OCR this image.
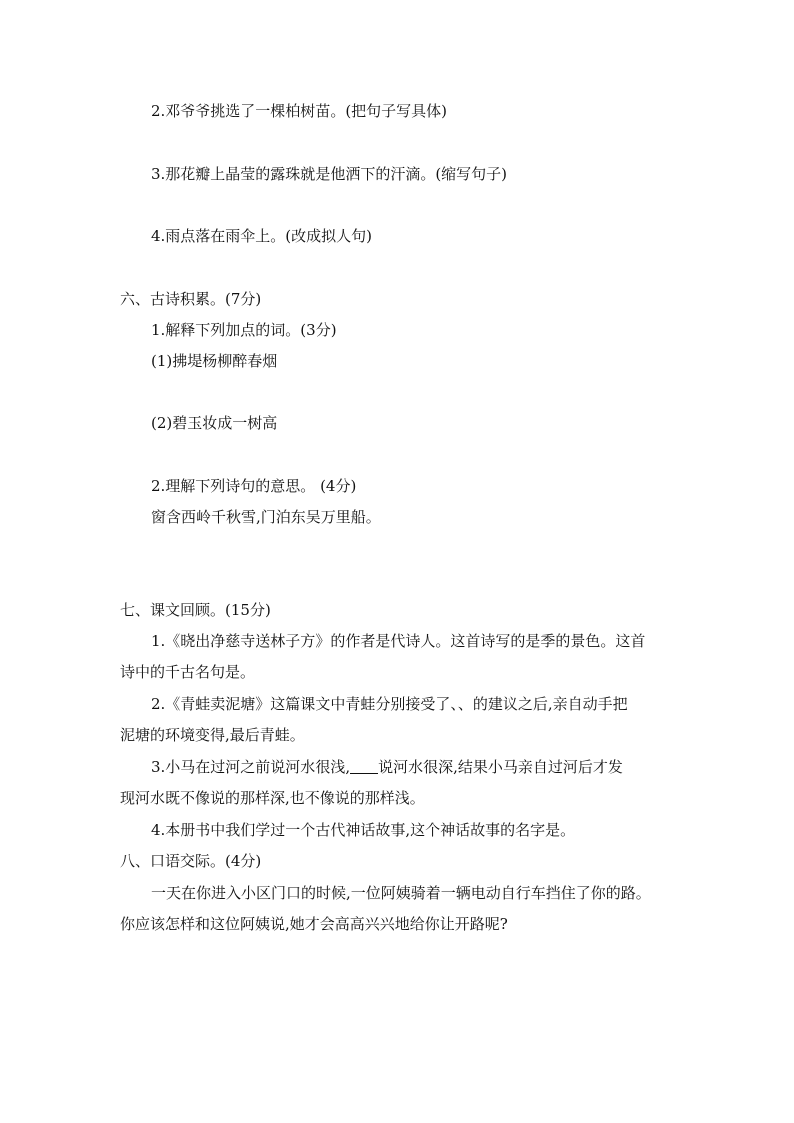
2.邓爷爷挑选了一棵柏树苗。(把句子写具体)
3.那花瓣上晶莹的露珠就是他洒下的汗滴。(缩写句子)
4.雨点落在雨伞上。(改成拟人句)
六、古诗积累。(7分)
1.解释下列加点的词。(3分)
(1)拂堤杨柳醉春烟
(2)碧玉妆成一树高
2.理解下列诗句的意思。 (4分)
窗含西岭千秋雪,门泊东吴万里船。
七、课文回顾。(15分)
1.《晓出净慈寺送林子方》的作者是代诗人。这首诗写的是季的景色。这首
诗中的千古名句是。
2.《青蛙卖泥塘》这篇课文中青蛙分别接受了、、的建议之后,亲自动手把
泥塘的环境变得,最后青蛙。
3.小马在过河之前说河水很浅, 说河水很深,结果小马亲自过河后才发
现河水既不像说的那样深,也不像说的那样浅。
4.本册书中我们学过一个古代神话故事,这个神话故事的名字是。
八、口语交际。(4分)
一天在你进入小区门口的时候,一位阿姨骑着一辆电动自行车挡住了你的路。
你应该怎样和这位阿姨说,她才会高高兴兴地给你让开路呢?
